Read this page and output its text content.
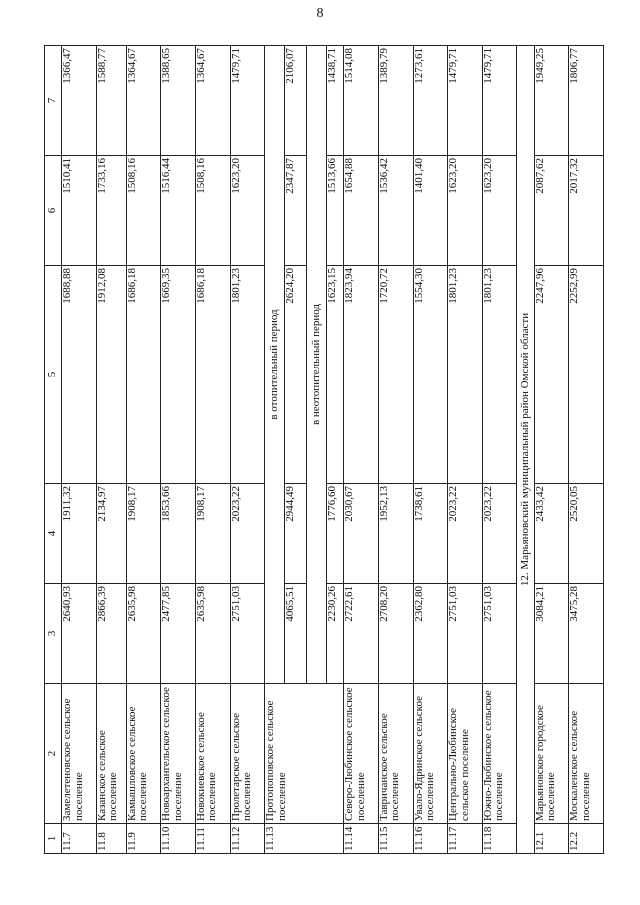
8
1	2	3	4	5	6	7
11.7	Замелетеновское сельское поселение	2640,93	1911,32	1688,88	1510,41	1366,47
11.8	Казанское сельское поселение	2866,39	2134,97	1912,08	1733,16	1588,77
11.9	Камышловское сельское поселение	2635,98	1908,17	1686,18	1508,16	1364,67
11.10	Новоархангельское сельское поселение	2477,85	1853,66	1669,35	1516,44	1388,65
11.11	Новокиевское сельское поселение	2635,98	1908,17	1686,18	1508,16	1364,67
11.12	Пролетарское сельское поселение	2751,03	2023,22	1801,23	1623,20	1479,71
11.13	Протопоповское сельское поселение	в отопительный период				
		4065,51	2944,49	2624,20	2347,87	2106,07
		в неотопительный период				
		2230,26	1776,60	1623,15	1513,66	1438,71
11.14	Северо-Любинское сельское поселение	2722,61	2030,67	1823,94	1654,88	1514,08
11.15	Тавричанское сельское поселение	2708,20	1952,13	1720,72	1536,42	1389,79
11.16	Увало-Ядринское сельское поселение	2362,80	1738,61	1554,30	1401,40	1273,61
11.17	Центрально-Любинское сельское поселение	2751,03	2023,22	1801,23	1623,20	1479,71
11.18	Южно-Любинское сельское поселение	2751,03	2023,22	1801,23	1623,20	1479,71
12. Марьяновский муниципальный район Омской области						
12.1	Марьяновское городское поселение	3084,21	2433,42	2247,96	2087,62	1949,25
12.2	Москаленское сельское поселение	3475,28	2520,05	2252,99	2017,32	1806,77
